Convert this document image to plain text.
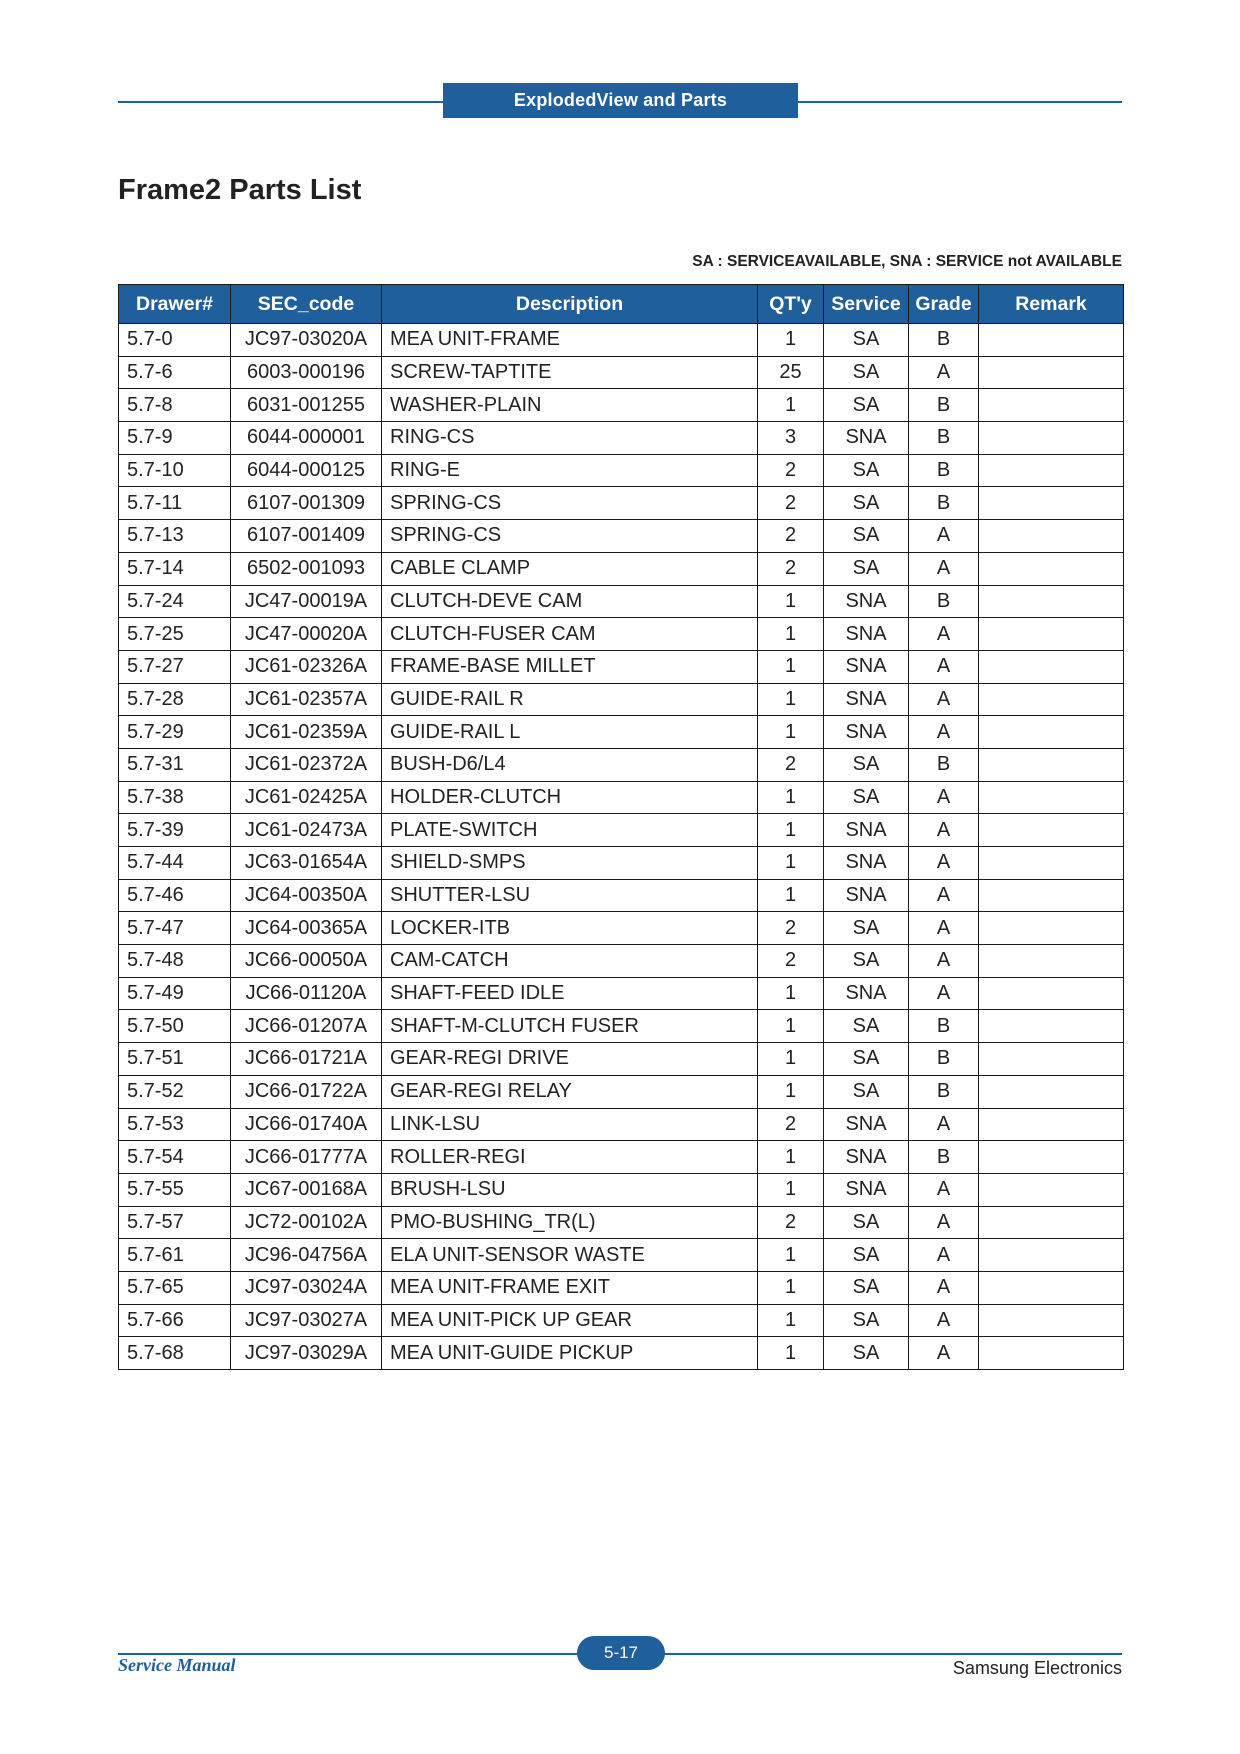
ExplodedView and Parts
Frame2 Parts List
SA : SERVICEAVAILABLE, SNA : SERVICE not AVAILABLE
Drawer#	SEC_code	Description	QT'y	Service	Grade	Remark
5.7-0	JC97-03020A	MEA UNIT-FRAME	1	SA	B	
5.7-6	6003-000196	SCREW-TAPTITE	25	SA	A	
5.7-8	6031-001255	WASHER-PLAIN	1	SA	B	
5.7-9	6044-000001	RING-CS	3	SNA	B	
5.7-10	6044-000125	RING-E	2	SA	B	
5.7-11	6107-001309	SPRING-CS	2	SA	B	
5.7-13	6107-001409	SPRING-CS	2	SA	A	
5.7-14	6502-001093	CABLE CLAMP	2	SA	A	
5.7-24	JC47-00019A	CLUTCH-DEVE CAM	1	SNA	B	
5.7-25	JC47-00020A	CLUTCH-FUSER CAM	1	SNA	A	
5.7-27	JC61-02326A	FRAME-BASE MILLET	1	SNA	A	
5.7-28	JC61-02357A	GUIDE-RAIL R	1	SNA	A	
5.7-29	JC61-02359A	GUIDE-RAIL L	1	SNA	A	
5.7-31	JC61-02372A	BUSH-D6/L4	2	SA	B	
5.7-38	JC61-02425A	HOLDER-CLUTCH	1	SA	A	
5.7-39	JC61-02473A	PLATE-SWITCH	1	SNA	A	
5.7-44	JC63-01654A	SHIELD-SMPS	1	SNA	A	
5.7-46	JC64-00350A	SHUTTER-LSU	1	SNA	A	
5.7-47	JC64-00365A	LOCKER-ITB	2	SA	A	
5.7-48	JC66-00050A	CAM-CATCH	2	SA	A	
5.7-49	JC66-01120A	SHAFT-FEED IDLE	1	SNA	A	
5.7-50	JC66-01207A	SHAFT-M-CLUTCH FUSER	1	SA	B	
5.7-51	JC66-01721A	GEAR-REGI DRIVE	1	SA	B	
5.7-52	JC66-01722A	GEAR-REGI RELAY	1	SA	B	
5.7-53	JC66-01740A	LINK-LSU	2	SNA	A	
5.7-54	JC66-01777A	ROLLER-REGI	1	SNA	B	
5.7-55	JC67-00168A	BRUSH-LSU	1	SNA	A	
5.7-57	JC72-00102A	PMO-BUSHING_TR(L)	2	SA	A	
5.7-61	JC96-04756A	ELA UNIT-SENSOR WASTE	1	SA	A	
5.7-65	JC97-03024A	MEA UNIT-FRAME EXIT	1	SA	A	
5.7-66	JC97-03027A	MEA UNIT-PICK UP GEAR	1	SA	A	
5.7-68	JC97-03029A	MEA UNIT-GUIDE PICKUP	1	SA	A	
5-17
Service Manual	Samsung Electronics
